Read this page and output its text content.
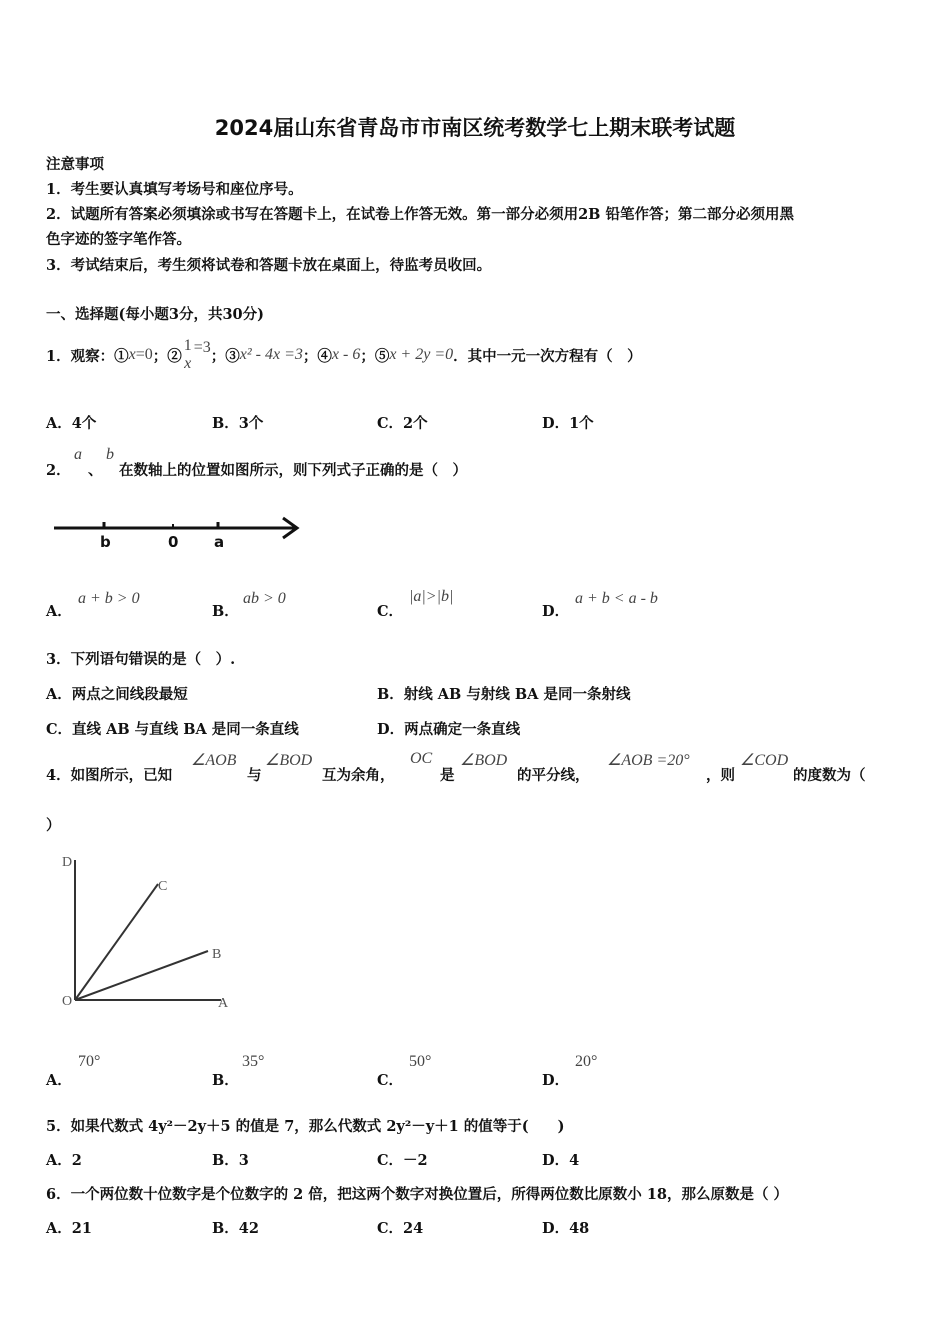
2024届山东省青岛市市南区统考数学七上期末联考试题
注意事项
1．考生要认真填写考场号和座位序号。
2．试题所有答案必须填涂或书写在答题卡上，在试卷上作答无效。第一部分必须用2B 铅笔作答；第二部分必须用黑
色字迹的签字笔作答。
3．考试结束后，考生须将试卷和答题卡放在桌面上，待监考员收回。
一、选择题(每小题3分，共30分)
1．观察：① x =0 ；②
1
x
=3 ；③ x² - 4x =3 ；④ x - 6 ；⑤ x + 2y =0 ．其中一元一次方程有（　）
A．4个	B．3个	C．2个	D．1个
2．
a
、
b
在数轴上的位置如图所示，则下列式子正确的是（　）
b	0 a
A．
a + b > 0
B．
ab > 0
C．
|a|>|b|
D．
a + b < a - b
3．下列语句错误的是（　）.
A．两点之间线段最短	B．射线 AB 与射线 BA 是同一条射线
C．直线 AB 与直线 BA 是同一条直线	D．两点确定一条直线
4．如图所示，已知
∠AOB
与
∠BOD
互为余角，
OC
是
∠BOD
的平分线，
∠AOB =20°
，则
∠COD
的度数为（
）
D
C
B
O	A
A．
70°
B．
35°
C．
50°
D．
20°
5．如果代数式 4y²－2y＋5 的值是 7，那么代数式 2y²－y＋1 的值等于(　　)
A．2	B．3	C．－2	D．4
6．一个两位数十位数字是个位数字的 2 倍，把这两个数字对换位置后，所得两位数比原数小 18，那么原数是（ ）
A．21	B．42	C．24	D．48
